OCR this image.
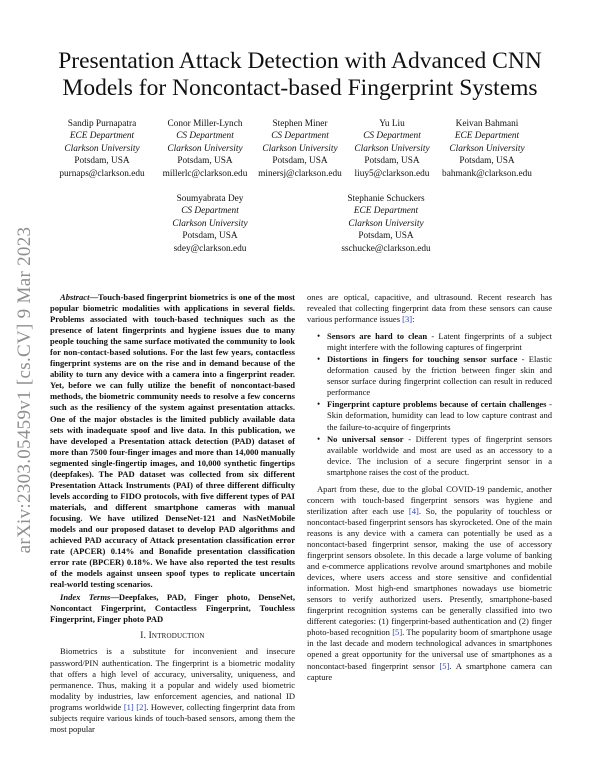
Presentation Attack Detection with Advanced CNN
Models for Noncontact-based Fingerprint Systems
Sandip Purnapatra
ECE Department
Clarkson University
Potsdam, USA
purnaps@clarkson.edu
Conor Miller-Lynch
CS Department
Clarkson University
Potsdam, USA
millerlc@clarkson.edu
Stephen Miner
CS Department
Clarkson University
Potsdam, USA
minersj@clarkson.edu
Yu Liu
CS Department
Clarkson University
Potsdam, USA
liuy5@clarkson.edu
Keivan Bahmani
ECE Department
Clarkson University
Potsdam, USA
bahmank@clarkson.edu
Soumyabrata Dey
CS Department
Clarkson University
Potsdam, USA
sdey@clarkson.edu
Stephanie Schuckers
ECE Department
Clarkson University
Potsdam, USA
sschucke@clarkson.edu
arXiv:2303.05459v1 [cs.CV] 9 Mar 2023	Abstract—Touch-based fingerprint biometrics is one of the most popular biometric modalities with applications in several fields. Problems associated with touch-based techniques such as the presence of latent fingerprints and hygiene issues due to many people touching the same surface motivated the community to look for non-contact-based solutions. For the last few years, contactless fingerprint systems are on the rise and in demand because of the ability to turn any device with a camera into a fingerprint reader. Yet, before we can fully utilize the benefit of noncontact-based methods, the biometric community needs to resolve a few concerns such as the resiliency of the system against presentation attacks. One of the major obstacles is the limited publicly available data sets with inadequate spoof and live data. In this publication, we have developed a Presentation attack detection (PAD) dataset of more than 7500 four-finger images and more than 14,000 manually segmented single-fingertip images, and 10,000 synthetic fingertips (deepfakes). The PAD dataset was collected from six different Presentation Attack Instruments (PAI) of three different difficulty levels according to FIDO protocols, with five different types of PAI materials, and different smartphone cameras with manual focusing. We have utilized DenseNet-121 and NasNetMobile models and our proposed dataset to develop PAD algorithms and achieved PAD accuracy of Attack presentation classification error rate (APCER) 0.14% and Bonafide presentation classification error rate (BPCER) 0.18%. We have also reported the test results of the models against unseen spoof types to replicate uncertain real-world testing scenarios.

Index Terms—Deepfakes, PAD, Finger photo, DenseNet, Noncontact Fingerprint, Contactless Fingerprint, Touchless Fingerprint, Finger photo PAD

I. Introduction

Biometrics is a substitute for inconvenient and insecure password/PIN authentication. The fingerprint is a biometric modality that offers a high level of accuracy, universality, uniqueness, and permanence. Thus, making it a popular and widely used biometric modality by industries, law enforcement agencies, and national ID programs worldwide [1] [2]. However, collecting fingerprint data from subjects require various kinds of touch-based sensors, among them the most popular

ones are optical, capacitive, and ultrasound. Recent research has revealed that collecting fingerprint data from these sensors can cause various performance issues [3]:

• Sensors are hard to clean - Latent fingerprints of a subject might interfere with the following captures of fingerprint
• Distortions in fingers for touching sensor surface - Elastic deformation caused by the friction between finger skin and sensor surface during fingerprint collection can result in reduced performance
• Fingerprint capture problems because of certain challenges - Skin deformation, humidity can lead to low capture contrast and the failure-to-acquire of fingerprints
• No universal sensor - Different types of fingerprint sensors available worldwide and most are used as an accessory to a device. The inclusion of a secure fingerprint sensor in a smartphone raises the cost of the product.

Apart from these, due to the global COVID-19 pandemic, another concern with touch-based fingerprint sensors was hygiene and sterilization after each use [4]. So, the popularity of touchless or noncontact-based fingerprint sensors has skyrocketed. One of the main reasons is any device with a camera can potentially be used as a noncontact-based fingerprint sensor, making the use of accessory fingerprint sensors obsolete. In this decade a large volume of banking and e-commerce applications revolve around smartphones and mobile devices, where users access and store sensitive and confidential information. Most high-end smartphones nowadays use biometric sensors to verify authorized users. Presently, smartphone-based fingerprint recognition systems can be generally classified into two different categories: (1) fingerprint-based authentication and (2) finger photo-based recognition [5]. The popularity boom of smartphone usage in the last decade and modern technological advances in smartphones opened a great opportunity for the universal use of smartphones as a noncontact-based fingerprint sensor [5]. A smartphone camera can capture
